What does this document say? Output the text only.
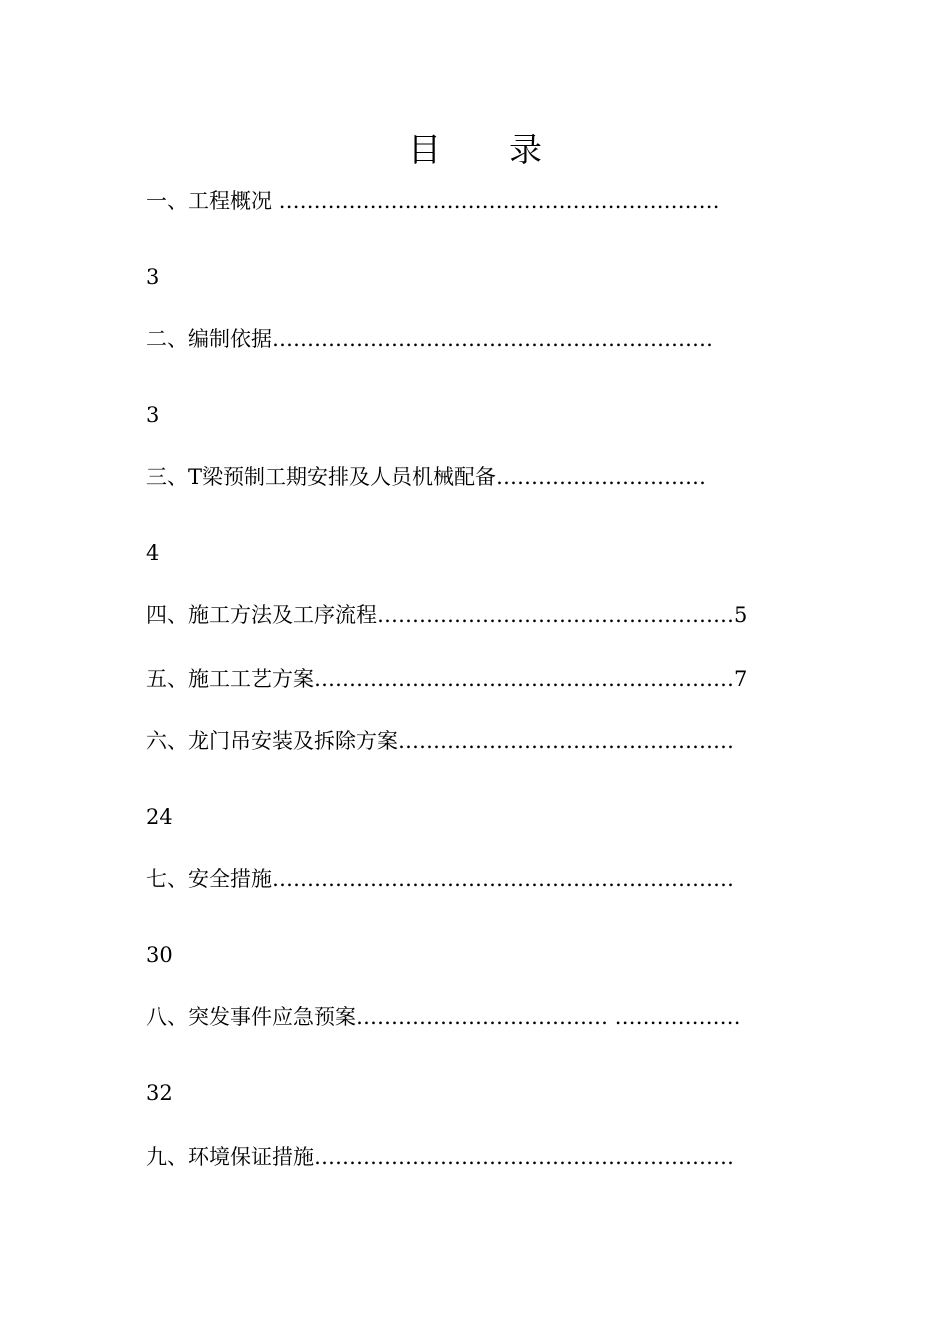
目录
一、工程概况 ………………………………………………………
3
二、编制依据………………………………………………………
3
三、T梁预制工期安排及人员机械配备…………………………
4
四、施工方法及工序流程……………………………………………5
五、施工工艺方案……………………………………………………7
六、龙门吊安装及拆除方案…………………………………………
24
七、安全措施…………………………………………………………
30
八、突发事件应急预案……………………………… ………………
32
九、环境保证措施……………………………………………………
